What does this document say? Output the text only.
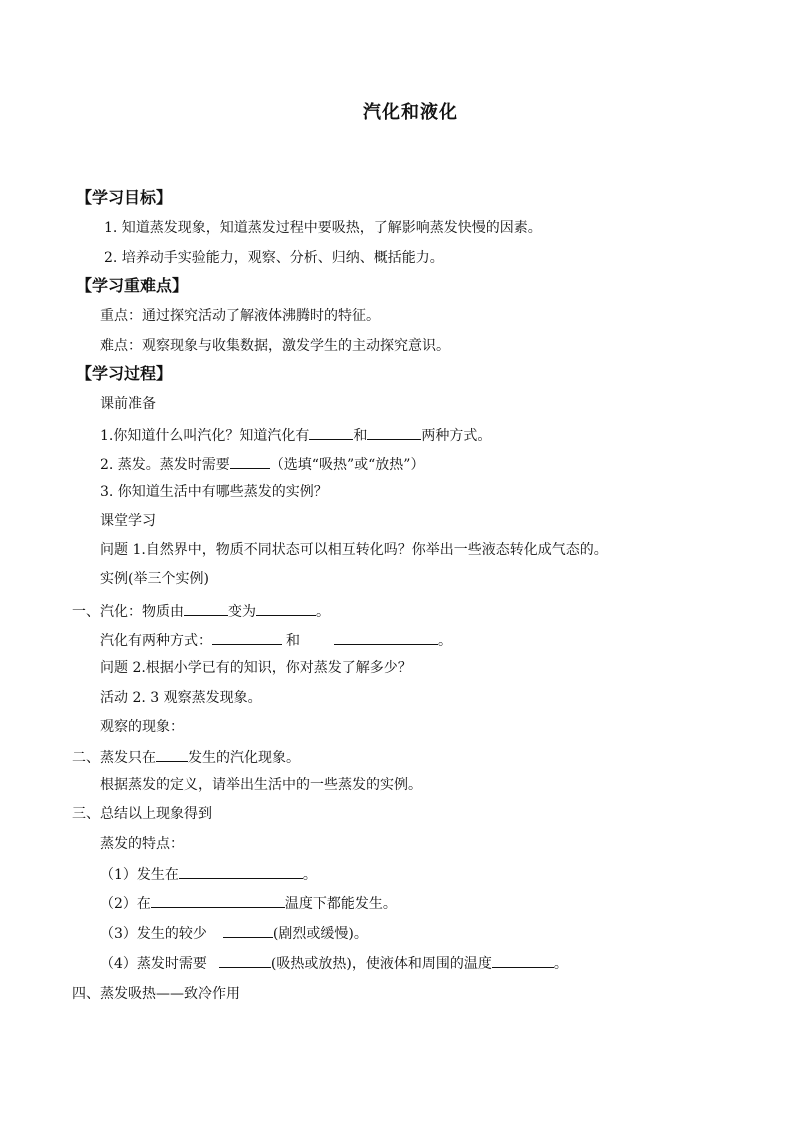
汽化和液化
【学习目标】
1. 知道蒸发现象，知道蒸发过程中要吸热，了解影响蒸发快慢的因素。
2. 培养动手实验能力，观察、分析、归纳、概括能力。
【学习重难点】
重点：通过探究活动了解液体沸腾时的特征。
难点：观察现象与收集数据，激发学生的主动探究意识。
【学习过程】
课前准备
1.你知道什么叫汽化？知道汽化有	和	两种方式。
2. 蒸发。蒸发时需要	（选填“吸热”或“放热”）
3. 你知道生活中有哪些蒸发的实例？
课堂学习
问题 1.自然界中，物质不同状态可以相互转化吗？你举出一些液态转化成气态的。
实例(举三个实例)
一、汽化：物质由	变为	。
汽化有两种方式：	和	。
问题 2.根据小学已有的知识，你对蒸发了解多少？
活动 2. 3 观察蒸发现象。
观察的现象：
二、蒸发只在 发生的汽化现象。
根据蒸发的定义，请举出生活中的一些蒸发的实例。
三、总结以上现象得到
蒸发的特点：
（1）发生在	。
（2）在	温度下都能发生。
（3）发生的较少	(剧烈或缓慢)。
（4）蒸发时需要	(吸热或放热)，使液体和周围的温度	。
四、蒸发吸热——致冷作用
